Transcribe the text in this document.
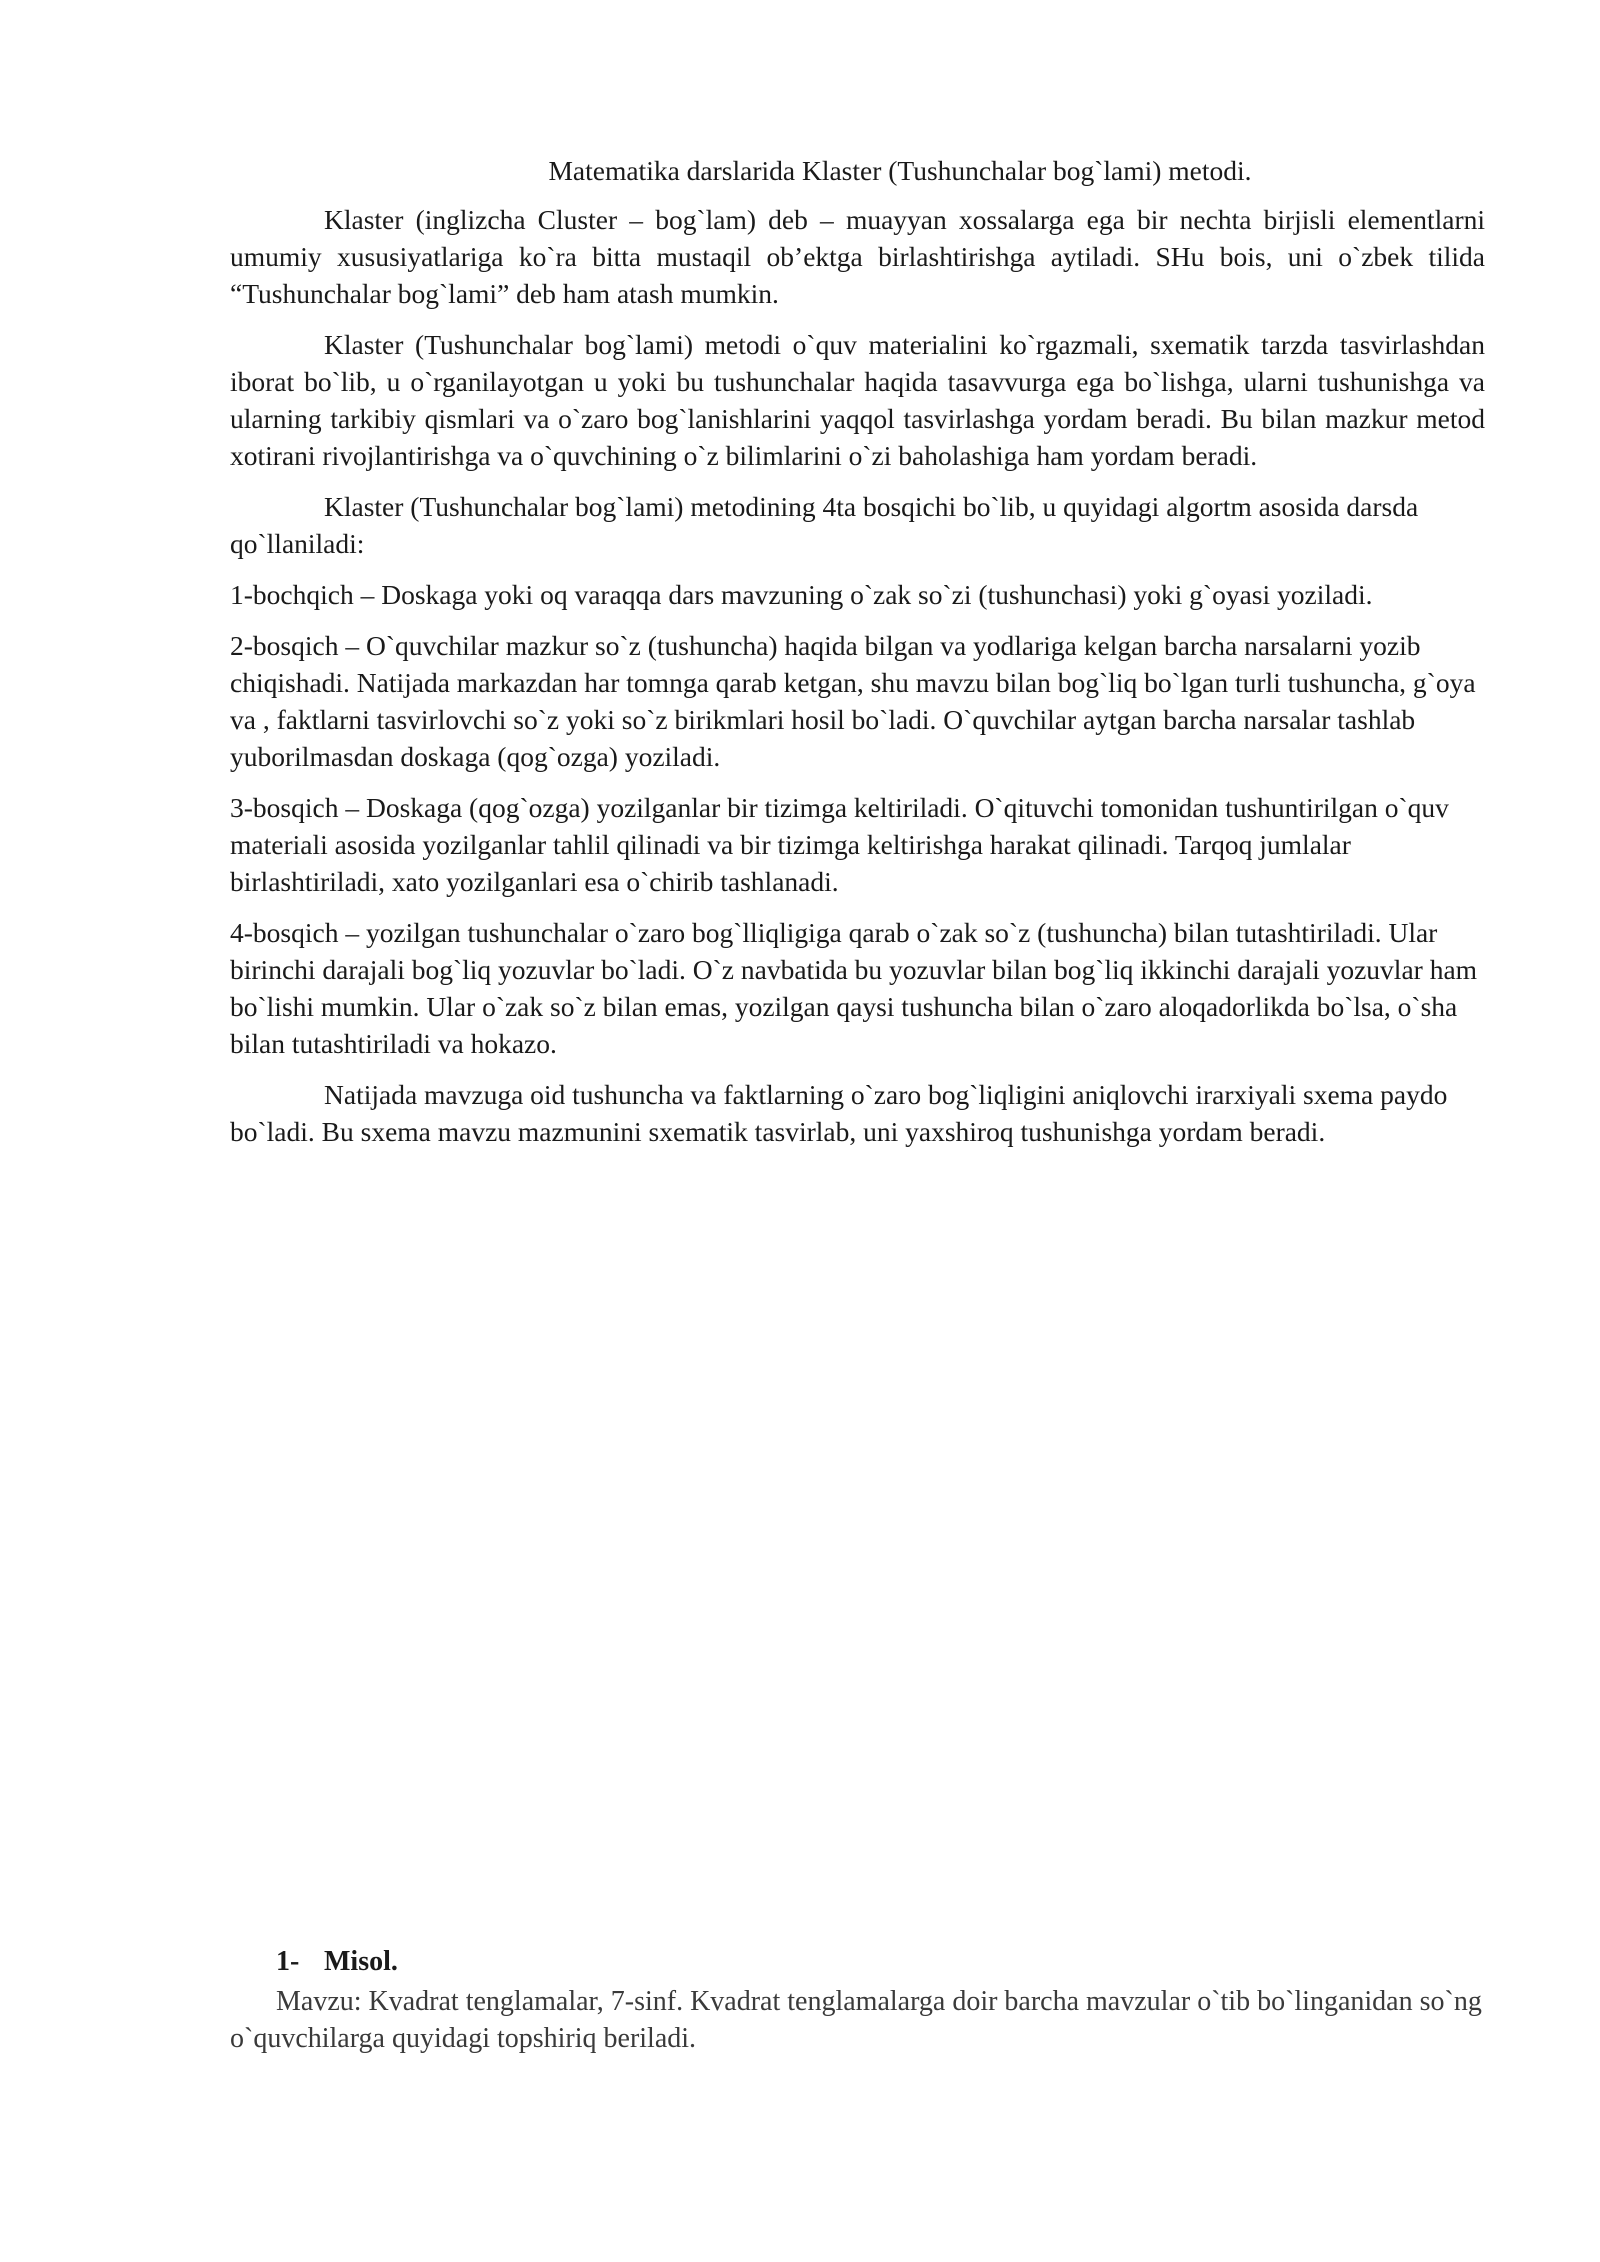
Matematika darslarida Klaster (Tushunchalar bog`lami) metodi.

Klaster (inglizcha Cluster – bog`lam) deb – muayyan xossalarga ega bir nechta birjisli elementlarni umumiy xususiyatlariga ko`ra bitta mustaqil ob’ektga birlashtirishga aytiladi. SHu bois, uni o`zbek tilida “Tushunchalar bog`lami” deb ham atash mumkin.

Klaster (Tushunchalar bog`lami) metodi o`quv materialini ko`rgazmali, sxematik tarzda tasvirlashdan iborat bo`lib, u o`rganilayotgan u yoki bu tushunchalar haqida tasavvurga ega bo`lishga, ularni tushunishga va ularning tarkibiy qismlari va o`zaro bog`lanishlarini yaqqol tasvirlashga yordam beradi. Bu bilan mazkur metod xotirani rivojlantirishga va o`quvchining o`z bilimlarini o`zi baholashiga ham yordam beradi.

Klaster (Tushunchalar bog`lami) metodining 4ta bosqichi bo`lib, u quyidagi algortm asosida darsda qo`llaniladi:

1-bochqich – Doskaga yoki oq varaqqa dars mavzuning o`zak so`zi (tushunchasi) yoki g`oyasi yoziladi.

2-bosqich – O`quvchilar mazkur so`z (tushuncha) haqida bilgan va yodlariga kelgan barcha narsalarni yozib chiqishadi. Natijada markazdan har tomnga qarab ketgan, shu mavzu bilan bog`liq bo`lgan turli tushuncha, g`oya va , faktlarni tasvirlovchi so`z yoki so`z birikmlari hosil bo`ladi. O`quvchilar aytgan barcha narsalar tashlab yuborilmasdan doskaga (qog`ozga) yoziladi.

3-bosqich – Doskaga (qog`ozga) yozilganlar bir tizimga keltiriladi. O`qituvchi tomonidan tushuntirilgan o`quv materiali asosida yozilganlar tahlil qilinadi va bir tizimga keltirishga harakat qilinadi. Tarqoq jumlalar birlashtiriladi, xato yozilganlari esa o`chirib tashlanadi.

4-bosqich – yozilgan tushunchalar o`zaro bog`lliqligiga qarab o`zak so`z (tushuncha) bilan tutashtiriladi. Ular birinchi darajali bog`liq yozuvlar bo`ladi. O`z navbatida bu yozuvlar bilan bog`liq ikkinchi darajali yozuvlar ham bo`lishi mumkin. Ular o`zak so`z bilan emas, yozilgan qaysi tushuncha bilan o`zaro aloqadorlikda bo`lsa, o`sha bilan tutashtiriladi va hokazo.

Natijada mavzuga oid tushuncha va faktlarning o`zaro bog`liqligini aniqlovchi irarxiyali sxema paydo bo`ladi. Bu sxema mavzu mazmunini sxematik tasvirlab, uni yaxshiroq tushunishga yordam beradi.

1- Misol.

Mavzu: Kvadrat tenglamalar, 7-sinf. Kvadrat tenglamalarga doir barcha mavzular o`tib bo`linganidan so`ng o`quvchilarga quyidagi topshiriq beriladi.
